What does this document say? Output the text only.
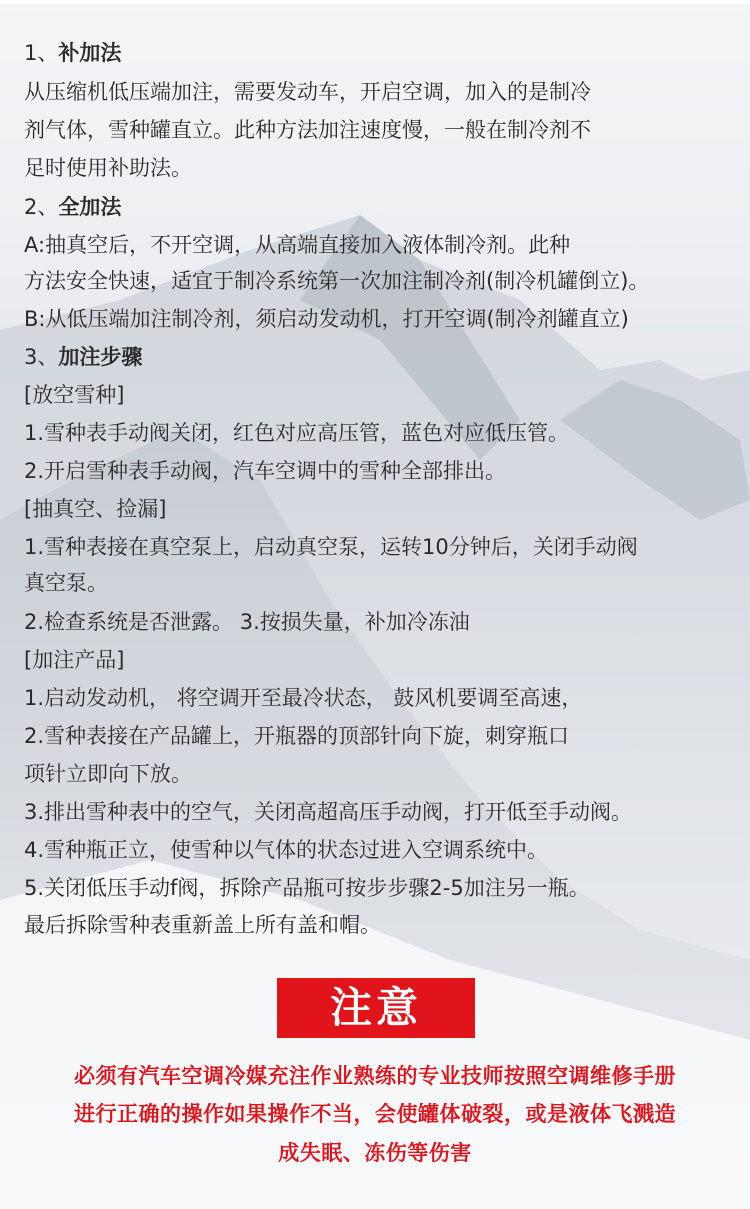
1、补加法
从压缩机低压端加注，需要发动车，开启空调，加入的是制冷
剂气体，雪种罐直立。此种方法加注速度慢，一般在制冷剂不
足时使用补助法。
2、全加法
A:抽真空后，不开空调，从高端直接加入液体制冷剂。此种
方法安全快速，适宜于制冷系统第一次加注制冷剂(制冷机罐倒立)。
B:从低压端加注制冷剂，须启动发动机，打开空调(制冷剂罐直立)
3、加注步骤
[放空雪种]
1.雪种表手动阀关闭，红色对应高压管，蓝色对应低压管。
2.开启雪种表手动阀，汽车空调中的雪种全部排出。
[抽真空、捡漏]
1.雪种表接在真空泵上，启动真空泵，运转10分钟后，关闭手动阀
真空泵。
2.检查系统是否泄露。 3.按损失量，补加冷冻油
[加注产品]
1.启动发动机， 将空调开至最冷状态， 鼓风机要调至高速，
2.雪种表接在产品罐上，开瓶器的顶部针向下旋，刺穿瓶口
项针立即向下放。
3.排出雪种表中的空气，关闭高超高压手动阀，打开低至手动阀。
4.雪种瓶正立，使雪种以气体的状态过进入空调系统中。
5.关闭低压手动f阀，拆除产品瓶可按步步骤2-5加注另一瓶。
最后拆除雪种表重新盖上所有盖和帽。
注意
必须有汽车空调冷媒充注作业熟练的专业技师按照空调维修手册
进行正确的操作如果操作不当，会使罐体破裂，或是液体飞溅造
成失眠、冻伤等伤害
